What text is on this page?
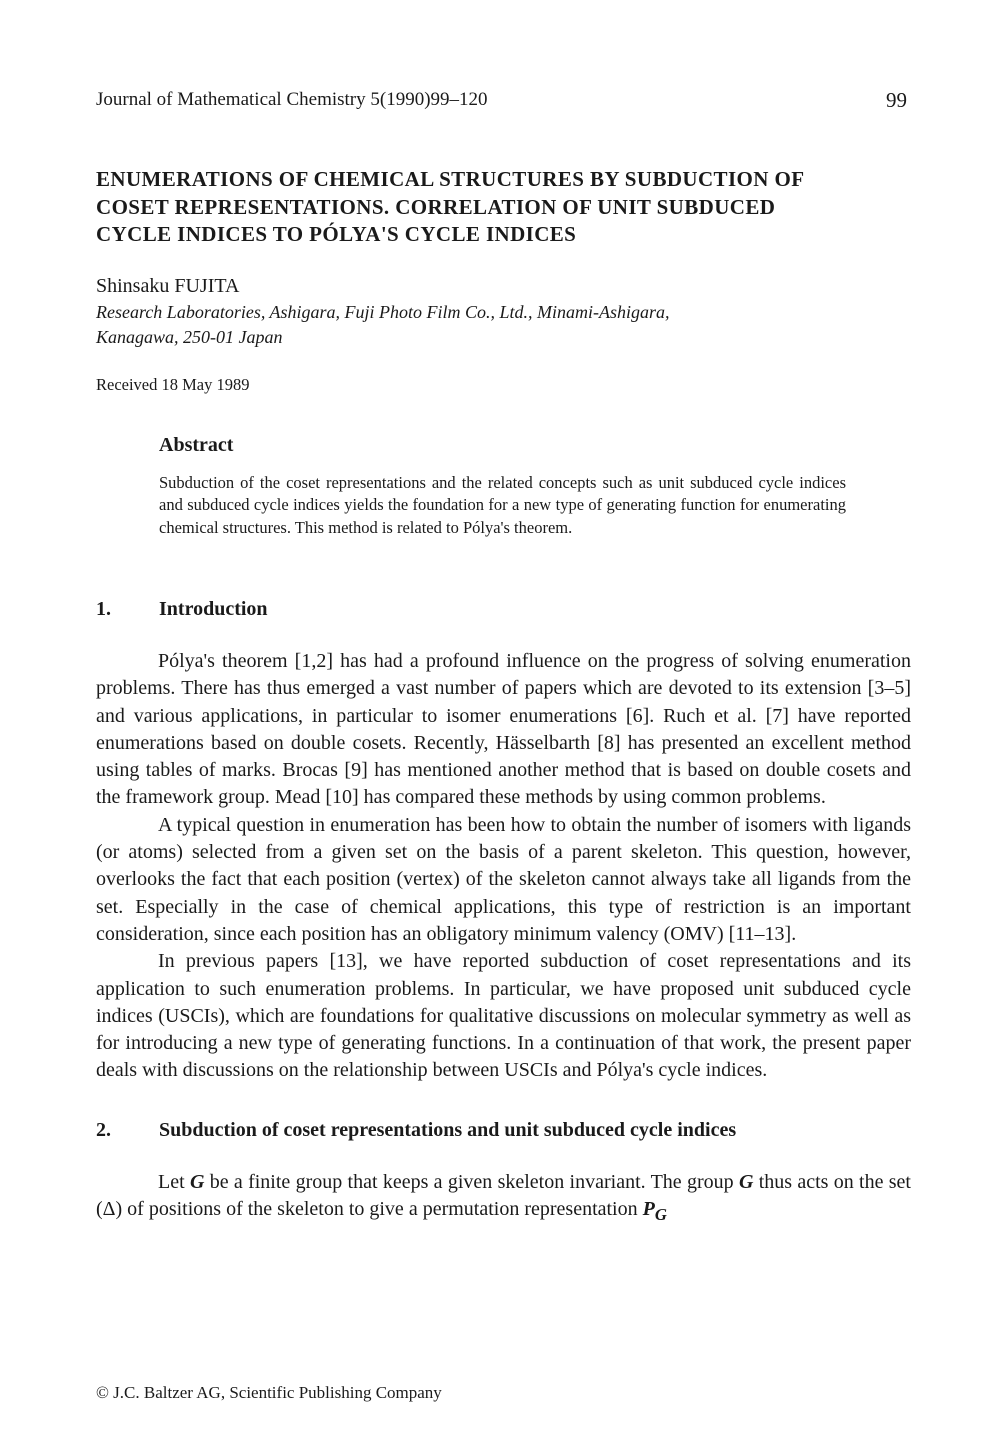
Journal of Mathematical Chemistry 5(1990)99–120	99
ENUMERATIONS OF CHEMICAL STRUCTURES BY SUBDUCTION OF
COSET REPRESENTATIONS. CORRELATION OF UNIT SUBDUCED
CYCLE INDICES TO PÓLYA'S CYCLE INDICES
Shinsaku FUJITA
Research Laboratories, Ashigara, Fuji Photo Film Co., Ltd., Minami-Ashigara,
Kanagawa, 250-01 Japan
Received 18 May 1989
Abstract
Subduction of the coset representations and the related concepts such as unit subduced cycle indices and subduced cycle indices yields the foundation for a new type of generating function for enumerating chemical structures. This method is related to Pólya's theorem.
1.	Introduction

Pólya's theorem [1,2] has had a profound influence on the progress of solving enumeration problems. There has thus emerged a vast number of papers which are devoted to its extension [3–5] and various applications, in particular to isomer enumerations [6]. Ruch et al. [7] have reported enumerations based on double cosets. Recently, Hässelbarth [8] has presented an excellent method using tables of marks. Brocas [9] has mentioned another method that is based on double cosets and the framework group. Mead [10] has compared these methods by using common problems.

A typical question in enumeration has been how to obtain the number of isomers with ligands (or atoms) selected from a given set on the basis of a parent skeleton. This question, however, overlooks the fact that each position (vertex) of the skeleton cannot always take all ligands from the set. Especially in the case of chemical applications, this type of restriction is an important consideration, since each position has an obligatory minimum valency (OMV) [11–13].

In previous papers [13], we have reported subduction of coset representations and its application to such enumeration problems. In particular, we have proposed unit subduced cycle indices (USCIs), which are foundations for qualitative discussions on molecular symmetry as well as for introducing a new type of generating functions. In a continuation of that work, the present paper deals with discussions on the relationship between USCIs and Pólya's cycle indices.

2.	Subduction of coset representations and unit subduced cycle indices

Let G be a finite group that keeps a given skeleton invariant. The group G thus acts on the set (Δ) of positions of the skeleton to give a permutation representation $P_G$

© J.C. Baltzer AG, Scientific Publishing Company
